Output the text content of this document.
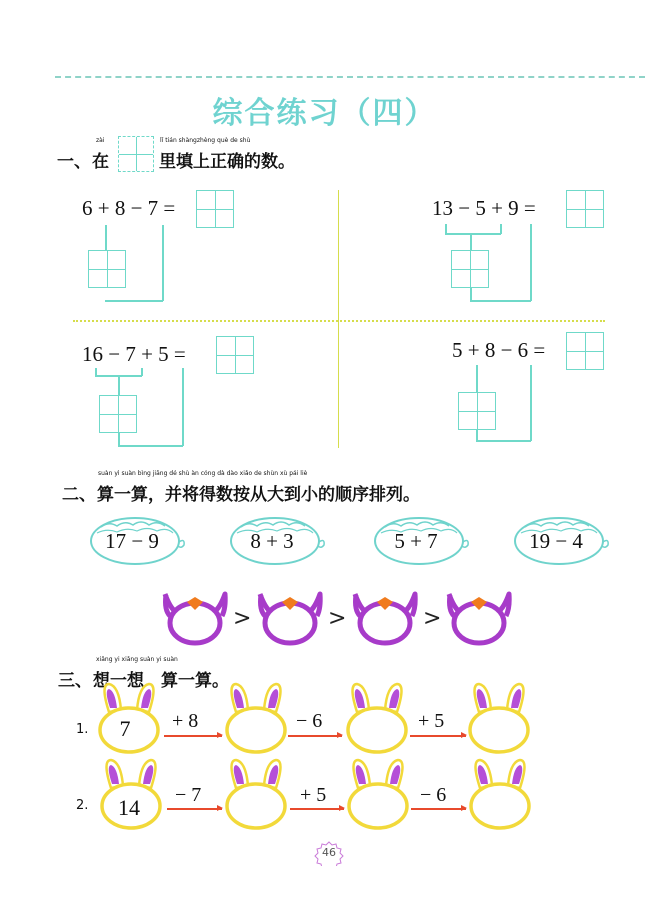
综合练习（四）
zài	lǐ tián shàngzhèng què de shù
一、 在	里填上正确的数。
6 + 8 − 7 =	13 − 5 + 9 =
16 − 7 + 5 =	5 + 8 − 6 =
suàn yì suàn bìng jiāng dé shù àn cóng dà dào xiǎo de shùn xù pái liè
二、 算一算，并将得数按从大到小的顺序排列。
17 − 9	8 + 3	5 + 7	19 − 4
>	>	>
xiǎng yi xiǎng suàn yi suàn
三、 想一想，算一算。
1.	7	+ 8	− 6	+ 5
2.	14	− 7	+ 5	− 6
46
